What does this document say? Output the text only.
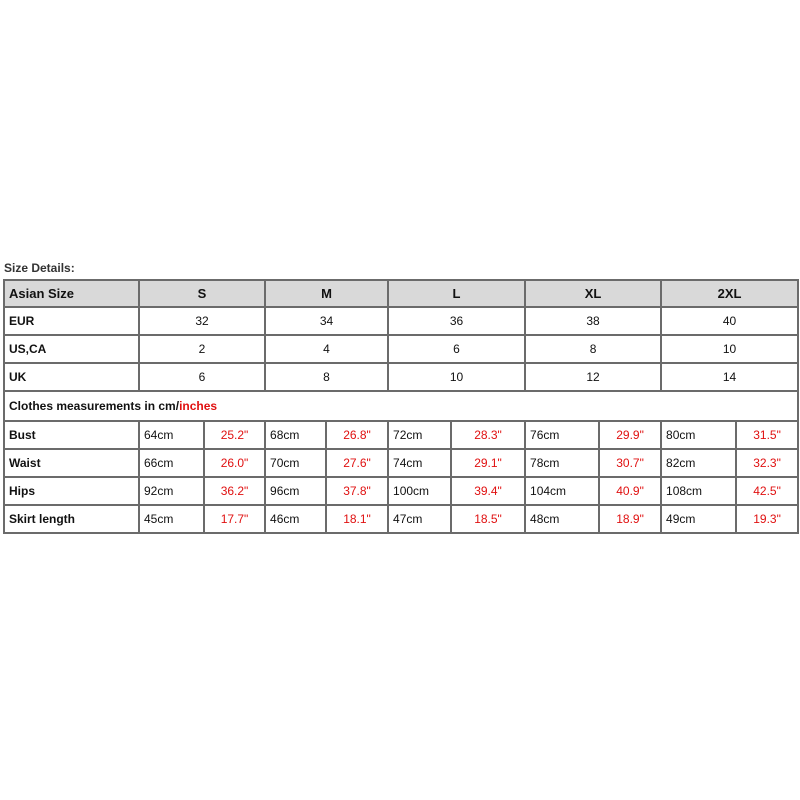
Size Details:
Asian Size	S		M		L		XL		2XL	
EUR	32		34		36		38		40	
US,CA	2		4		6		8		10	
UK	6		8		10		12		14	
Clothes measurements in cm/inches										
Bust	64cm	25.2"	68cm	26.8"	72cm	28.3"	76cm	29.9"	80cm	31.5"
Waist	66cm	26.0"	70cm	27.6"	74cm	29.1"	78cm	30.7"	82cm	32.3"
Hips	92cm	36.2"	96cm	37.8"	100cm	39.4"	104cm	40.9"	108cm	42.5"
Skirt length	45cm	17.7"	46cm	18.1"	47cm	18.5"	48cm	18.9"	49cm	19.3"
